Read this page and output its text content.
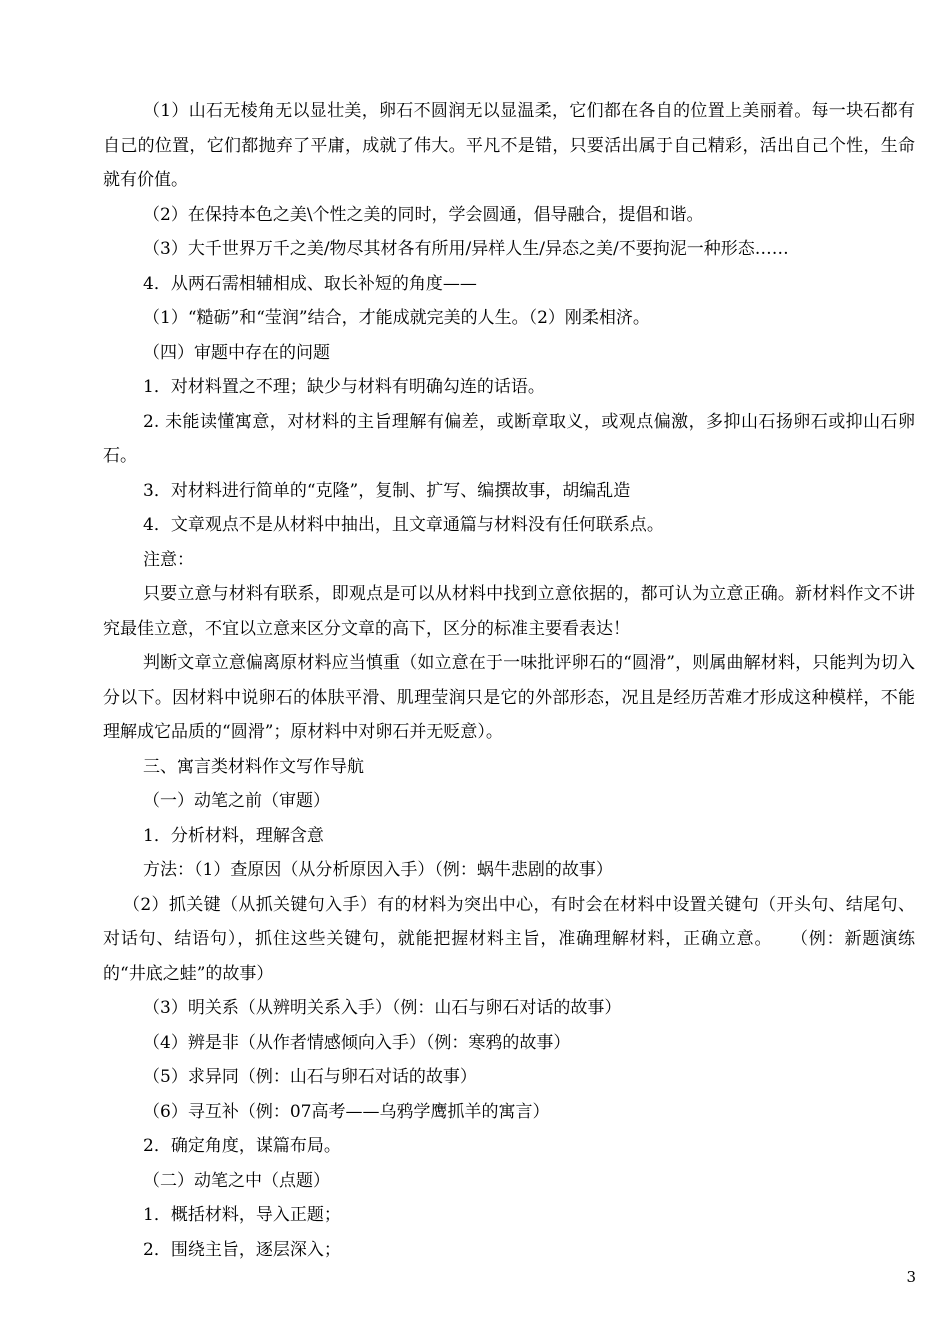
（1）山石无棱角无以显壮美，卵石不圆润无以显温柔，它们都在各自的位置上美丽着。每一块石都有自己的位置，它们都抛弃了平庸，成就了伟大。平凡不是错，只要活出属于自己精彩，活出自己个性，生命就有价值。

（2）在保持本色之美\个性之美的同时，学会圆通，倡导融合，提倡和谐。

（3）大千世界万千之美/物尽其材各有所用/异样人生/异态之美/不要拘泥一种形态……

4．从两石需相辅相成、取长补短的角度——

（1）“糙砺”和“莹润”结合，才能成就完美的人生。（2）刚柔相济。

（四）审题中存在的问题

1．对材料置之不理；缺少与材料有明确勾连的话语。

2. 未能读懂寓意，对材料的主旨理解有偏差，或断章取义，或观点偏激，多抑山石扬卵石或抑山石卵石。

3．对材料进行简单的“克隆”，复制、扩写、编撰故事，胡编乱造

4．文章观点不是从材料中抽出，且文章通篇与材料没有任何联系点。

注意：

只要立意与材料有联系，即观点是可以从材料中找到立意依据的，都可认为立意正确。新材料作文不讲究最佳立意，不宜以立意来区分文章的高下，区分的标准主要看表达！

判断文章立意偏离原材料应当慎重（如立意在于一味批评卵石的“圆滑”，则属曲解材料，只能判为切入分以下。因材料中说卵石的体肤平滑、肌理莹润只是它的外部形态，况且是经历苦难才形成这种模样，不能理解成它品质的“圆滑”；原材料中对卵石并无贬意）。

三、寓言类材料作文写作导航

（一）动笔之前（审题）

1．分析材料，理解含意

方法：（1）查原因（从分析原因入手）（例：蜗牛悲剧的故事）

（2）抓关键（从抓关键句入手）有的材料为突出中心，有时会在材料中设置关键句（开头句、结尾句、对话句、结语句），抓住这些关键句，就能把握材料主旨，准确理解材料，正确立意。　　（例：新题演练的“井底之蛙”的故事）

（3）明关系（从辨明关系入手）（例：山石与卵石对话的故事）

（4）辨是非（从作者情感倾向入手）（例：寒鸦的故事）

（5）求异同（例：山石与卵石对话的故事）

（6）寻互补（例：07高考——乌鸦学鹰抓羊的寓言）

2．确定角度，谋篇布局。

（二）动笔之中（点题）

1．概括材料，导入正题；

2．围绕主旨，逐层深入；

3
